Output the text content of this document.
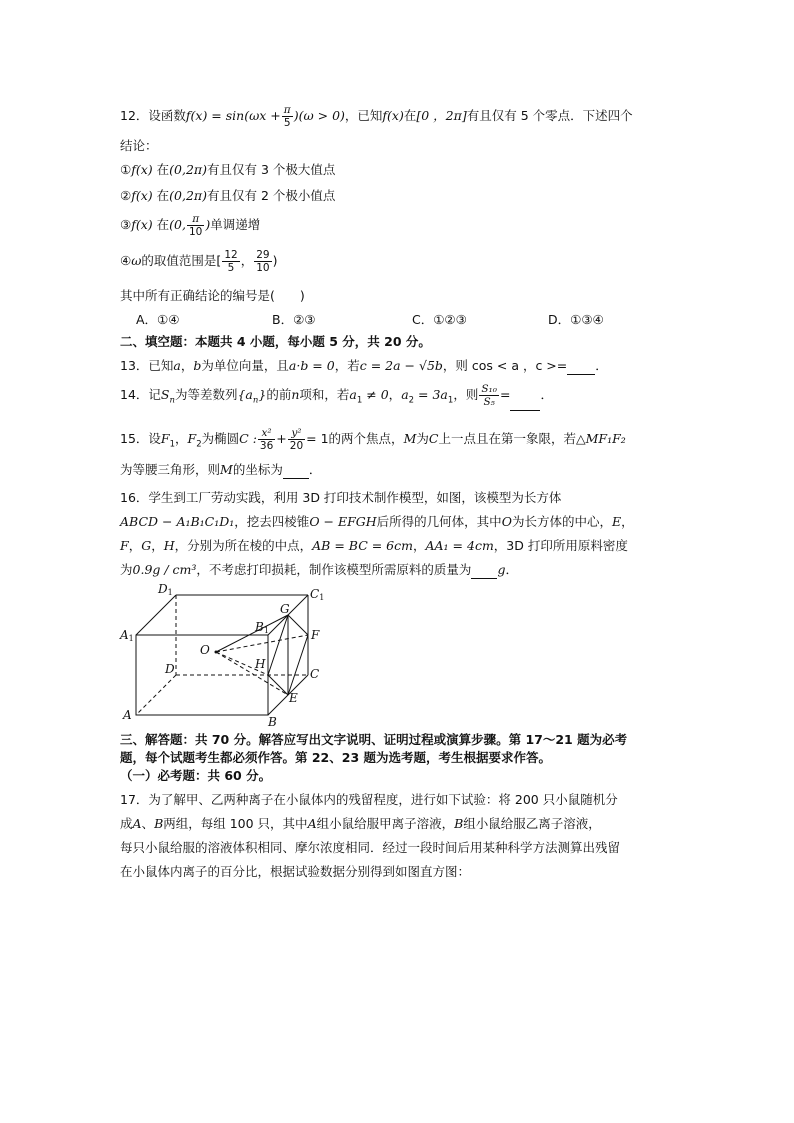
12．设函数$f(x) = \sin(\omega x + \frac{\pi}{5} )(\omega > 0)$，已知f(x)在[0 ，2π]有且仅有 5 个零点．下述四个
结论：
①f(x) 在(0,2π)有且仅有 3 个极大值点
②f(x) 在(0,2π)有且仅有 2 个极小值点
③f(x) 在(0, $\frac{\pi}{10}$ )单调递增
④ω的取值范围是[ $\frac{12}{5}$ ， $\frac{29}{10}$ )
其中所有正确结论的编号是(　　)
A．①④	B．②③	C．①②③	D．①③④
二、填空题：本题共 4 小题，每小题 5 分，共 20 分。
13．已知a，b为单位向量，且a·b = 0，若c = 2a − √5b，则 cos < a ，c >= ．
14．记$S_n$为等差数列$\{a_n\}$的前n项和，若$a_1 \ne 0$，$a_2 = 3a_1$，则 $\frac{\text{S₁₀}}{\text{S₅}}$ = ．
15．设$F_1$，$F_2$为椭圆C : $\frac{\text{x²}}{36} + \frac{\text{y²}}{20} = 1$的两个焦点，M为C上一点且在第一象限，若△MF₁F₂
为等腰三角形，则M的坐标为 ．
16．学生到工厂劳动实践，利用 3D 打印技术制作模型，如图，该模型为长方体
ABCD − A₁B₁C₁D₁，挖去四棱锥O − EFGH后所得的几何体，其中O为长方体的中心，E，
F，G，H，分别为所在棱的中点，AB = BC = 6cm，AA₁ = 4cm，3D 打印所用原料密度
为0.9g / cm³，不考虑打印损耗，制作该模型所需原料的质量为 g．
D1	C1
A1
B1
G
F
O
H
D	C
E
A	B
三、解答题：共 70 分。解答应写出文字说明、证明过程或演算步骤。第 17～21 题为必考
题，每个试题考生都必须作答。第 22、23 题为选考题，考生根据要求作答。
（一）必考题：共 60 分。
17．为了解甲、乙两种离子在小鼠体内的残留程度，进行如下试验：将 200 只小鼠随机分
成A、B两组，每组 100 只，其中A组小鼠给服甲离子溶液，B组小鼠给服乙离子溶液，
每只小鼠给服的溶液体积相同、摩尔浓度相同．经过一段时间后用某种科学方法测算出残留
在小鼠体内离子的百分比，根据试验数据分别得到如图直方图：
